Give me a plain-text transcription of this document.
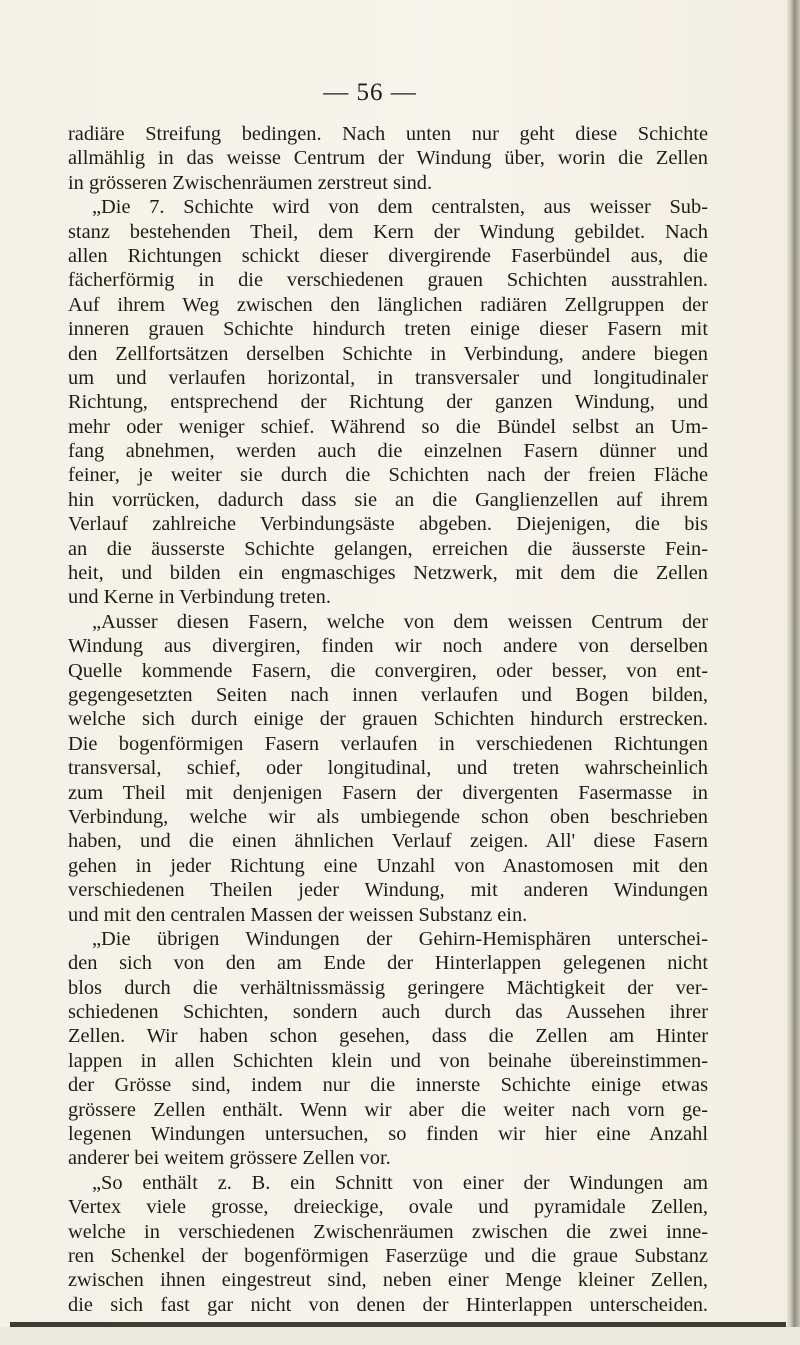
— 56 —
radiäre Streifung bedingen. Nach unten nur geht diese Schichte
allmählig in das weisse Centrum der Windung über, worin die Zellen
in grösseren Zwischenräumen zerstreut sind.
„Die 7. Schichte wird von dem centralsten, aus weisser Sub-
stanz bestehenden Theil, dem Kern der Windung gebildet. Nach
allen Richtungen schickt dieser divergirende Faserbündel aus, die
fächerförmig in die verschiedenen grauen Schichten ausstrahlen.
Auf ihrem Weg zwischen den länglichen radiären Zellgruppen der
inneren grauen Schichte hindurch treten einige dieser Fasern mit
den Zellfortsätzen derselben Schichte in Verbindung, andere biegen
um und verlaufen horizontal, in transversaler und longitudinaler
Richtung, entsprechend der Richtung der ganzen Windung, und
mehr oder weniger schief. Während so die Bündel selbst an Um-
fang abnehmen, werden auch die einzelnen Fasern dünner und
feiner, je weiter sie durch die Schichten nach der freien Fläche
hin vorrücken, dadurch dass sie an die Ganglienzellen auf ihrem
Verlauf zahlreiche Verbindungsäste abgeben. Diejenigen, die bis
an die äusserste Schichte gelangen, erreichen die äusserste Fein-
heit, und bilden ein engmaschiges Netzwerk, mit dem die Zellen
und Kerne in Verbindung treten.
„Ausser diesen Fasern, welche von dem weissen Centrum der
Windung aus divergiren, finden wir noch andere von derselben
Quelle kommende Fasern, die convergiren, oder besser, von ent-
gegengesetzten Seiten nach innen verlaufen und Bogen bilden,
welche sich durch einige der grauen Schichten hindurch erstrecken.
Die bogenförmigen Fasern verlaufen in verschiedenen Richtungen
transversal, schief, oder longitudinal, und treten wahrscheinlich
zum Theil mit denjenigen Fasern der divergenten Fasermasse in
Verbindung, welche wir als umbiegende schon oben beschrieben
haben, und die einen ähnlichen Verlauf zeigen. All' diese Fasern
gehen in jeder Richtung eine Unzahl von Anastomosen mit den
verschiedenen Theilen jeder Windung, mit anderen Windungen
und mit den centralen Massen der weissen Substanz ein.
„Die übrigen Windungen der Gehirn-Hemisphären unterschei-
den sich von den am Ende der Hinterlappen gelegenen nicht
blos durch die verhältnissmässig geringere Mächtigkeit der ver-
schiedenen Schichten, sondern auch durch das Aussehen ihrer
Zellen. Wir haben schon gesehen, dass die Zellen am Hinter
lappen in allen Schichten klein und von beinahe übereinstimmen-
der Grösse sind, indem nur die innerste Schichte einige etwas
grössere Zellen enthält. Wenn wir aber die weiter nach vorn ge-
legenen Windungen untersuchen, so finden wir hier eine Anzahl
anderer bei weitem grössere Zellen vor.
„So enthält z. B. ein Schnitt von einer der Windungen am
Vertex viele grosse, dreieckige, ovale und pyramidale Zellen,
welche in verschiedenen Zwischenräumen zwischen die zwei inne-
ren Schenkel der bogenförmigen Faserzüge und die graue Substanz
zwischen ihnen eingestreut sind, neben einer Menge kleiner Zellen,
die sich fast gar nicht von denen der Hinterlappen unterscheiden.
